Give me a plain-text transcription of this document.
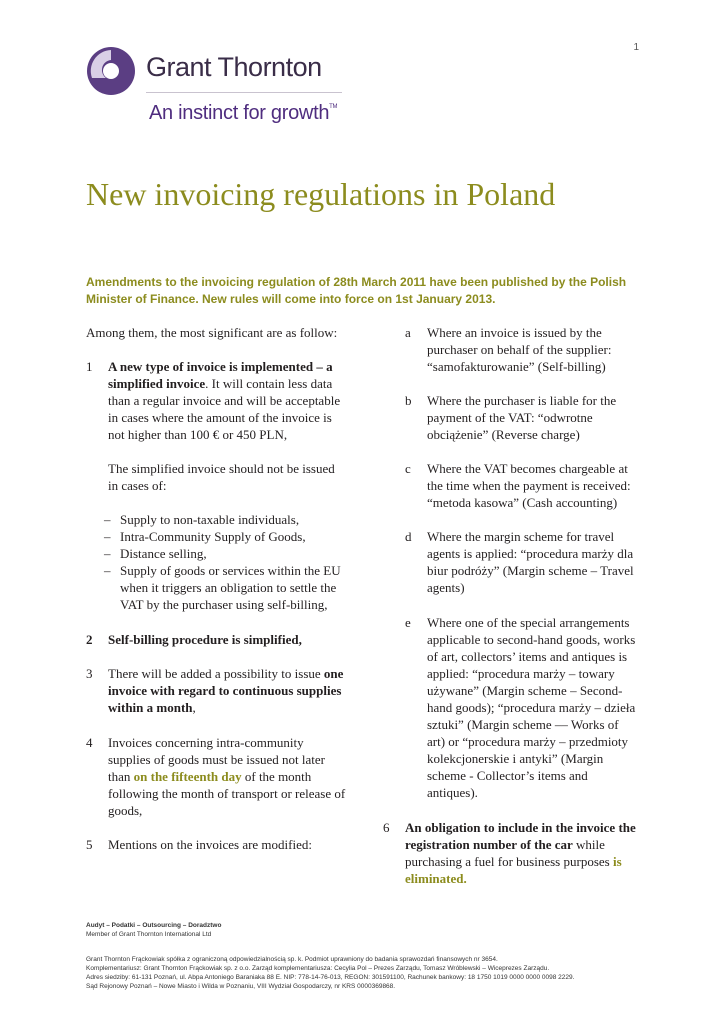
1
Grant Thornton
An instinct for growth™
New invoicing regulations in Poland
Amendments to the invoicing regulation of 28th March 2011 have been published by the Polish Minister of Finance. New rules will come into force on 1st January 2013.

Among them, the most significant are as follow:

1 A new type of invoice is implemented – a simplified invoice. It will contain less data than a regular invoice and will be acceptable in cases where the amount of the invoice is not higher than 100 € or 450 PLN,

The simplified invoice should not be issued in cases of:

– Supply to non-taxable individuals,
– Intra-Community Supply of Goods,
– Distance selling,
– Supply of goods or services within the EU when it triggers an obligation to settle the VAT by the purchaser using self-billing,
2 Self-billing procedure is simplified,
3 There will be added a possibility to issue one invoice with regard to continuous supplies within a month,
4 Invoices concerning intra-community supplies of goods must be issued not later than on the fifteenth day of the month following the month of transport or release of goods,
5 Mentions on the invoices are modified:
a Where an invoice is issued by the purchaser on behalf of the supplier: “samofakturowanie” (Self-billing)
b Where the purchaser is liable for the payment of the VAT: “odwrotne obciążenie” (Reverse charge)
c Where the VAT becomes chargeable at the time when the payment is received: “metoda kasowa” (Cash accounting)
d Where the margin scheme for travel agents is applied: “procedura marży dla biur podróży” (Margin scheme – Travel agents)
e Where one of the special arrangements applicable to second-hand goods, works of art, collectors’ items and antiques is applied: “procedura marży – towary używane” (Margin scheme – Second-hand goods); “procedura marży – dzieła sztuki” (Margin scheme –– Works of art) or “procedura marży – przedmioty kolekcjonerskie i antyki” (Margin scheme - Collector’s items and antiques).
6 An obligation to include in the invoice the registration number of the car while purchasing a fuel for business purposes is eliminated.
Audyt – Podatki – Outsourcing – Doradztwo
Member of Grant Thornton International Ltd
Grant Thornton Frąckowiak spółka z ograniczoną odpowiedzialnością sp. k. Podmiot uprawniony do badania sprawozdań finansowych nr 3654.
Komplementariusz: Grant Thornton Frąckowiak sp. z o.o. Zarząd komplementariusza: Cecylia Pol – Prezes Zarządu, Tomasz Wróblewski – Wiceprezes Zarządu.
Adres siedziby: 61-131 Poznań, ul. Abpa Antoniego Baraniaka 88 E. NIP: 778-14-76-013, REGON: 301591100, Rachunek bankowy: 18 1750 1019 0000 0000 0098 2229.
Sąd Rejonowy Poznań – Nowe Miasto i Wilda w Poznaniu, VIII Wydział Gospodarczy, nr KRS 0000369868.
